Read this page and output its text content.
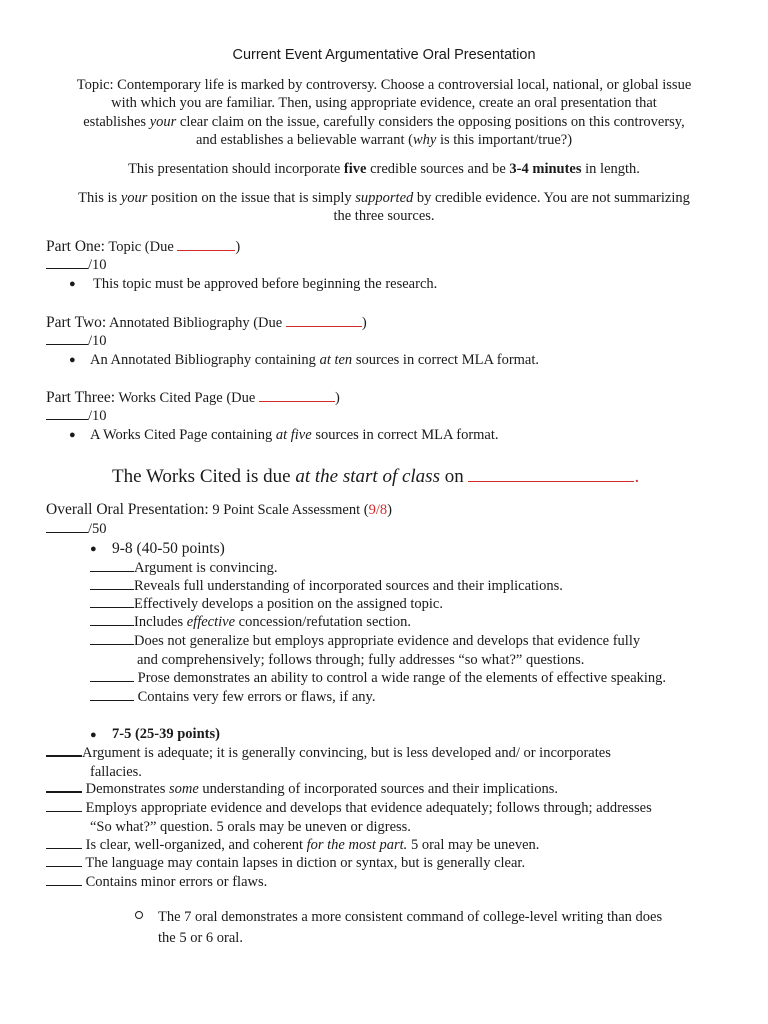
Current Event Argumentative Oral Presentation
Topic: Contemporary life is marked by controversy. Choose a controversial local, national, or global issue
with which you are familiar. Then, using appropriate evidence, create an oral presentation that
establishes your clear claim on the issue, carefully considers the opposing positions on this controversy,
and establishes a believable warrant (why is this important/true?)
This presentation should incorporate five credible sources and be 3-4 minutes in length.
This is your position on the issue that is simply supported by credible evidence. You are not summarizing
the three sources.
Part One: Topic (Due	)
/10
● This topic must be approved before beginning the research.
Part Two: Annotated Bibliography (Due	)
/10
● An Annotated Bibliography containing at ten sources in correct MLA format.
Part Three: Works Cited Page (Due	)
/10
● A Works Cited Page containing at five sources in correct MLA format.
The Works Cited is due at the start of class on	.
Overall Oral Presentation: 9 Point Scale Assessment (9/8)
/50
● 9-8 (40-50 points)
Argument is convincing.
Reveals full understanding of incorporated sources and their implications.
Effectively develops a position on the assigned topic.
Includes effective concession/refutation section.
Does not generalize but employs appropriate evidence and develops that evidence fully
and comprehensively; follows through; fully addresses “so what?” questions.
Prose demonstrates an ability to control a wide range of the elements of effective speaking.
Contains very few errors or flaws, if any.
● 7-5 (25-39 points)
Argument is adequate; it is generally convincing, but is less developed and/ or incorporates
fallacies.
Demonstrates some understanding of incorporated sources and their implications.
Employs appropriate evidence and develops that evidence adequately; follows through; addresses
“So what?” question. 5 orals may be uneven or digress.
Is clear, well-organized, and coherent for the most part. 5 oral may be uneven.
The language may contain lapses in diction or syntax, but is generally clear.
Contains minor errors or flaws.
The 7 oral demonstrates a more consistent command of college-level writing than does
the 5 or 6 oral.
